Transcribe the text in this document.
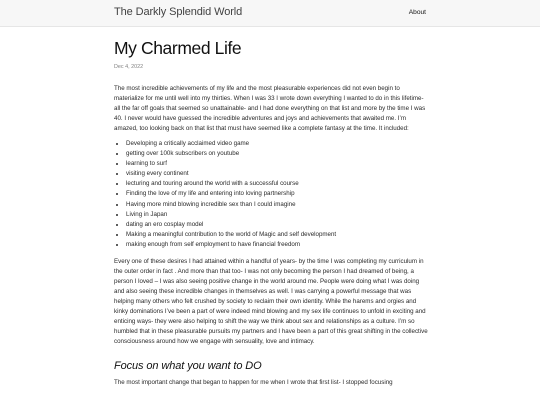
The Darkly Splendid World	About
My Charmed Life
Dec 4, 2022

The most incredible achievements of my life and the most pleasurable experiences did not even begin to materialize for me until well into my thirties. When I was 33 I wrote down everything I wanted to do in this lifetime- all the far off goals that seemed so unattainable- and I had done everything on that list and more by the time I was 40. I never would have guessed the incredible adventures and joys and achievements that awaited me. I’m amazed, too looking back on that list that must have seemed like a complete fantasy at the time. It included:

• Developing a critically acclaimed video game
• getting over 100k subscribers on youtube
• learning to surf
• visiting every continent
• lecturing and touring around the world with a successful course
• Finding the love of my life and entering into loving partnership
• Having more mind blowing incredible sex than I could imagine
• Living in Japan
• dating an ero cosplay model
• Making a meaningful contribution to the world of Magic and self development
• making enough from self employment to have financial freedom

Every one of these desires I had attained within a handful of years- by the time I was completing my curriculum in the outer order in fact . And more than that too- I was not only becoming the person I had dreamed of being, a person I loved – I was also seeing positive change in the world around me. People were doing what I was doing and also seeing these incredible changes in themselves as well. I was carrying a powerful message that was helping many others who felt crushed by society to reclaim their own identity. While the harems and orgies and kinky dominations I’ve been a part of were indeed mind blowing and my sex life continues to unfold in exciting and enticing ways- they were also helping to shift the way we think about sex and relationships as a culture. I’m so humbled that in these pleasurable pursuits my partners and I have been a part of this great shifting in the collective consciousness around how we engage with sensuality, love and intimacy.

Focus on what you want to DO

The most important change that began to happen for me when I wrote that first list- I stopped focusing
